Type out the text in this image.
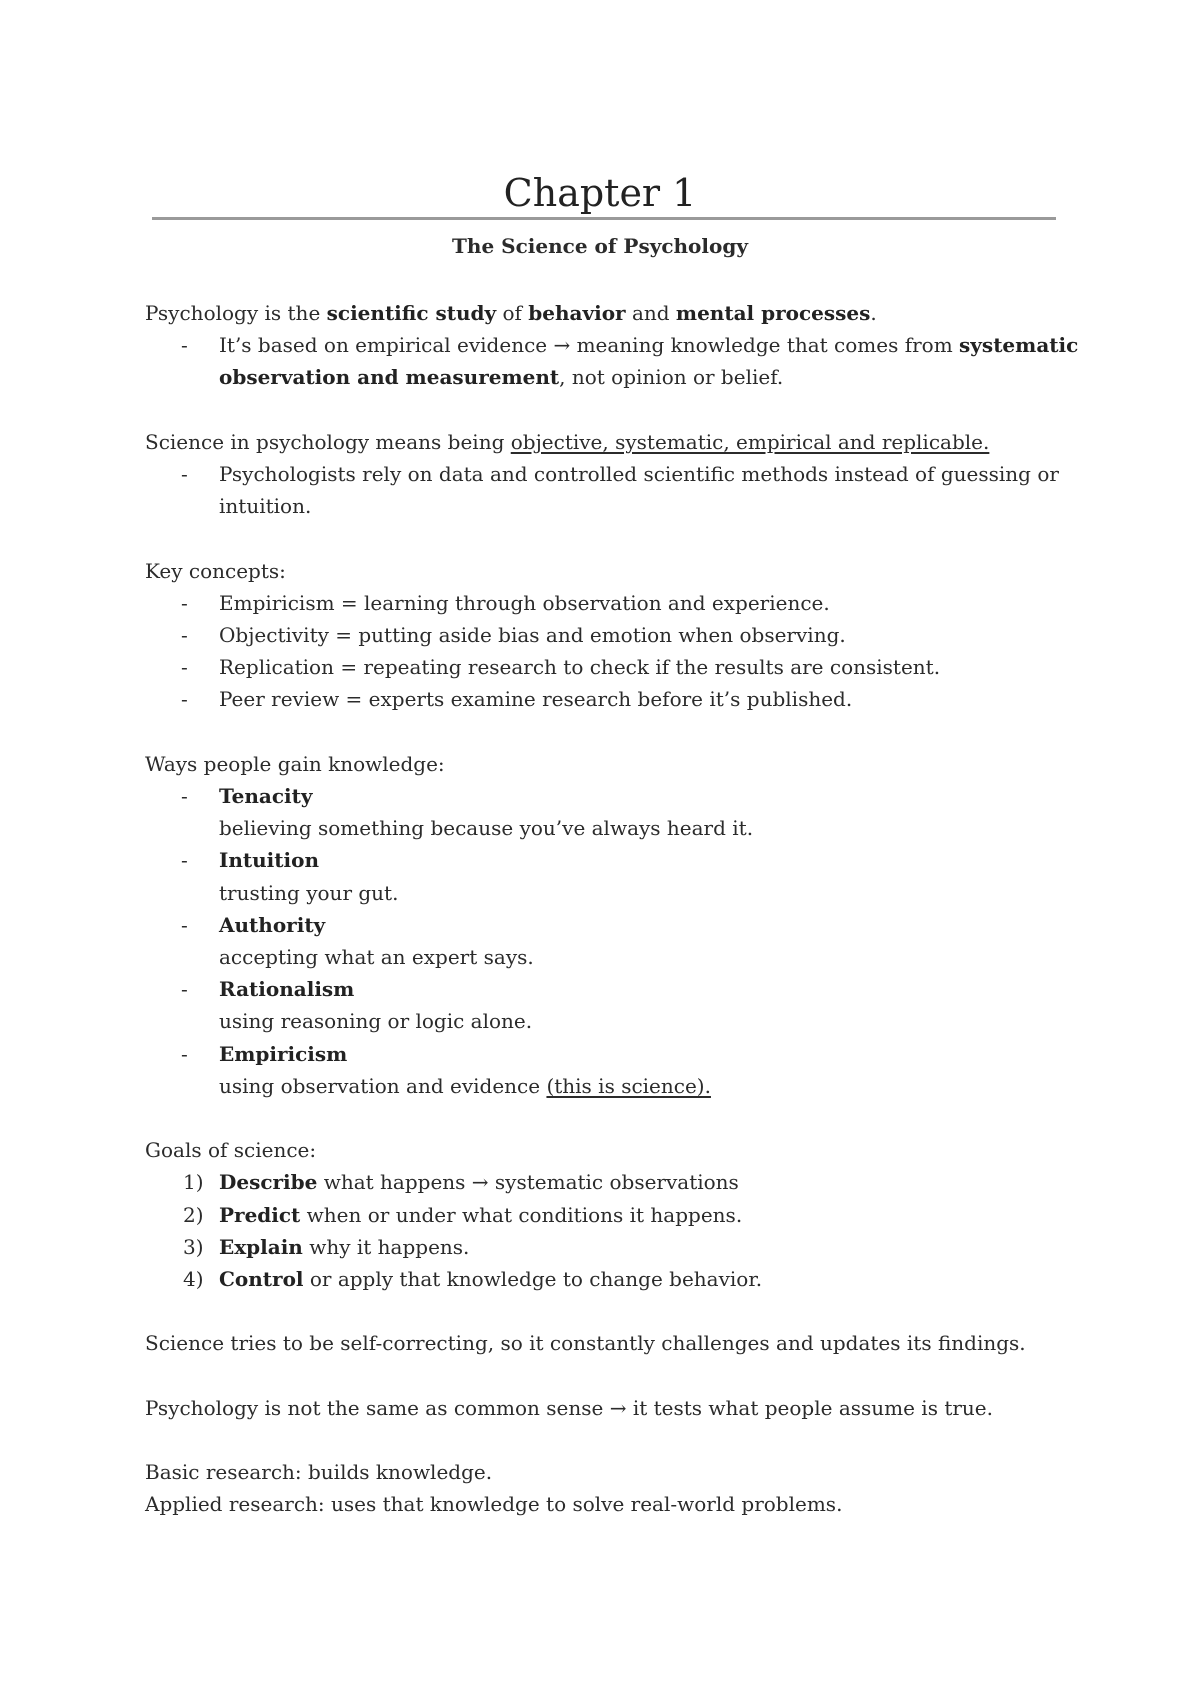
Chapter 1
The Science of Psychology

Psychology is the scientific study of behavior and mental processes.

- It’s based on empirical evidence → meaning knowledge that comes from systematic observation and measurement, not opinion or belief.

Science in psychology means being objective, systematic, empirical and replicable.

- Psychologists rely on data and controlled scientific methods instead of guessing or intuition.

Key concepts:

- Empiricism = learning through observation and experience.

- Objectivity = putting aside bias and emotion when observing.

- Replication = repeating research to check if the results are consistent.

- Peer review = experts examine research before it’s published.

Ways people gain knowledge:

- Tenacity
believing something because you’ve always heard it.
- Intuition
trusting your gut.
- Authority
accepting what an expert says.
- Rationalism
using reasoning or logic alone.
- Empiricism
using observation and evidence (this is science).

Goals of science:

1) Describe what happens → systematic observations

2) Predict when or under what conditions it happens.

3) Explain why it happens.

4) Control or apply that knowledge to change behavior.

Science tries to be self-correcting, so it constantly challenges and updates its findings.

Psychology is not the same as common sense → it tests what people assume is true.

Basic research: builds knowledge.

Applied research: uses that knowledge to solve real-world problems.
